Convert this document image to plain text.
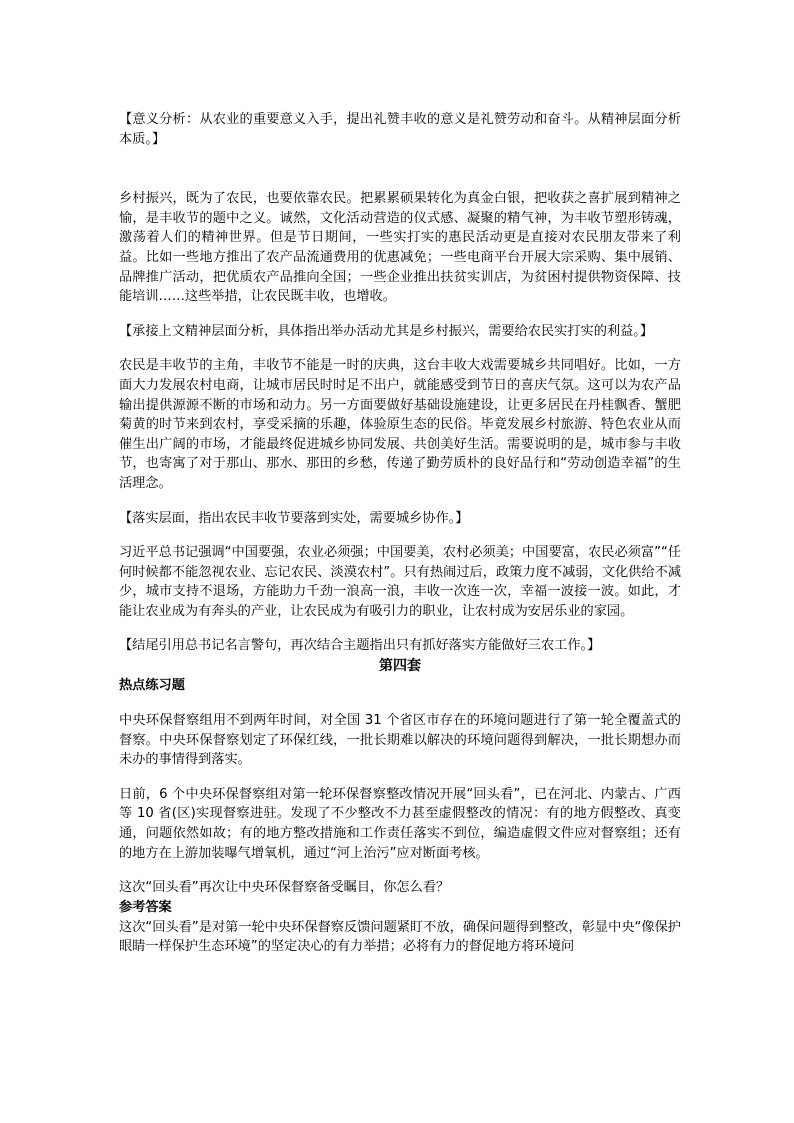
【意义分析：从农业的重要意义入手，提出礼赞丰收的意义是礼赞劳动和奋斗。从精神层面分析本质。】

乡村振兴，既为了农民，也要依靠农民。把累累硕果转化为真金白银，把收获之喜扩展到精神之愉，是丰收节的题中之义。诚然，文化活动营造的仪式感、凝聚的精气神，为丰收节塑形铸魂，激荡着人们的精神世界。但是节日期间，一些实打实的惠民活动更是直接对农民朋友带来了利益。比如一些地方推出了农产品流通费用的优惠减免；一些电商平台开展大宗采购、集中展销、品牌推广活动，把优质农产品推向全国；一些企业推出扶贫实训店，为贫困村提供物资保障、技能培训……这些举措，让农民既丰收，也增收。

【承接上文精神层面分析，具体指出举办活动尤其是乡村振兴，需要给农民实打实的利益。】

农民是丰收节的主角，丰收节不能是一时的庆典，这台丰收大戏需要城乡共同唱好。比如，一方面大力发展农村电商，让城市居民时时足不出户，就能感受到节日的喜庆气氛。这可以为农产品输出提供源源不断的市场和动力。另一方面要做好基础设施建设，让更多居民在丹桂飘香、蟹肥菊黄的时节来到农村，享受采摘的乐趣，体验原生态的民俗。毕竟发展乡村旅游、特色农业从而催生出广阔的市场，才能最终促进城乡协同发展、共创美好生活。需要说明的是，城市参与丰收节，也寄寓了对于那山、那水、那田的乡愁，传递了勤劳质朴的良好品行和“劳动创造幸福”的生活理念。

【落实层面，指出农民丰收节要落到实处，需要城乡协作。】

习近平总书记强调“中国要强，农业必须强；中国要美，农村必须美；中国要富，农民必须富”“任何时候都不能忽视农业、忘记农民、淡漠农村”。只有热闹过后，政策力度不减弱，文化供给不减少，城市支持不退场，方能助力千劲一浪高一浪，丰收一次连一次，幸福一波接一波。如此，才能让农业成为有奔头的产业，让农民成为有吸引力的职业，让农村成为安居乐业的家园。

【结尾引用总书记名言警句，再次结合主题指出只有抓好落实方能做好三农工作。】

第四套

热点练习题

中央环保督察组用不到两年时间，对全国 31 个省区市存在的环境问题进行了第一轮全覆盖式的督察。中央环保督察划定了环保红线，一批长期难以解决的环境问题得到解决，一批长期想办而未办的事情得到落实。

日前，6 个中央环保督察组对第一轮环保督察整改情况开展“回头看”，已在河北、内蒙古、广西等 10 省(区)实现督察进驻。发现了不少整改不力甚至虚假整改的情况：有的地方假整改、真变通，问题依然如故；有的地方整改措施和工作责任落实不到位，编造虚假文件应对督察组；还有的地方在上游加装曝气增氧机，通过“河上治污”应对断面考核。

这次“回头看”再次让中央环保督察备受瞩目，你怎么看？

参考答案

这次“回头看”是对第一轮中央环保督察反馈问题紧盯不放，确保问题得到整改，彰显中央“像保护眼睛一样保护生态环境”的坚定决心的有力举措；必将有力的督促地方将环境问
